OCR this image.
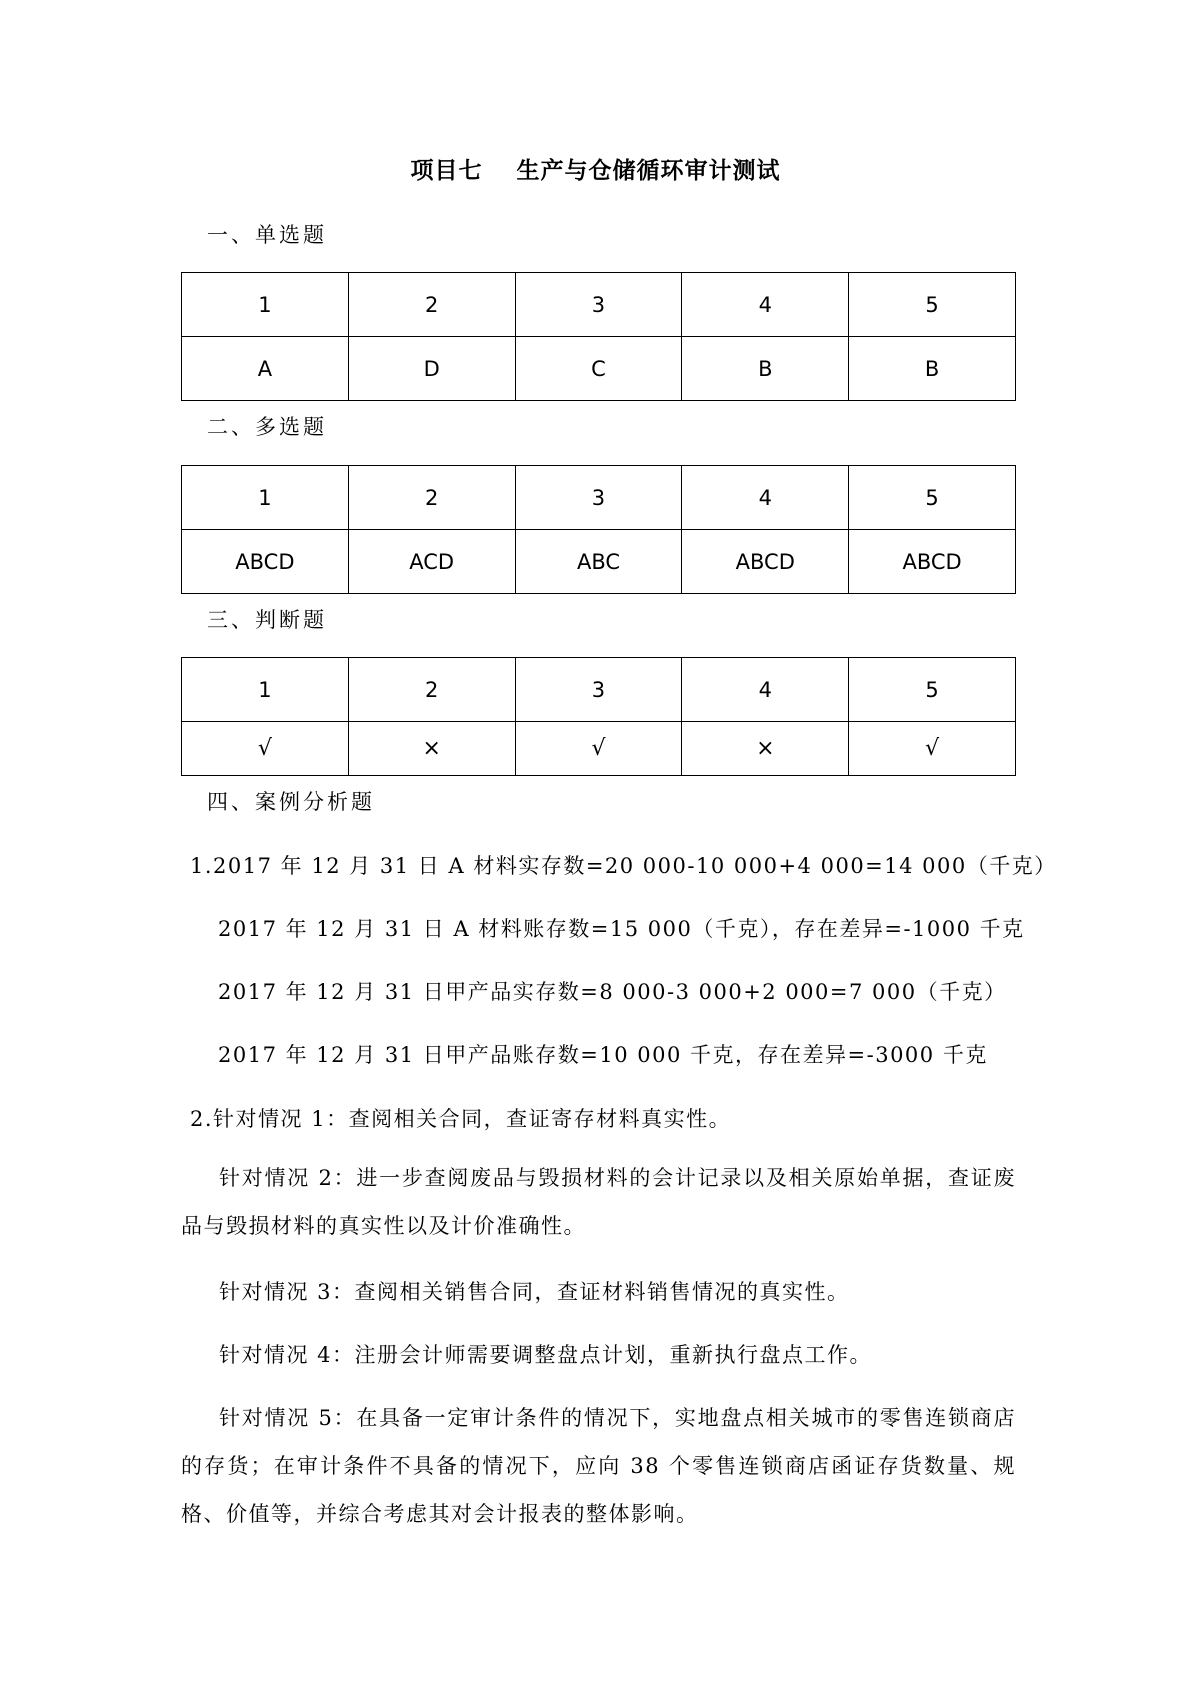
项目七 生产与仓储循环审计测试
一、单选题
1	2	3	4	5
A	D	C	B	B
二、多选题
1	2	3	4	5
ABCD	ACD	ABC	ABCD	ABCD
三、判断题
1	2	3	4	5
√	×	√	×	√
四、案例分析题
1.2017 年 12 月 31 日 A 材料实存数=20 000-10 000+4 000=14 000（千克）
2017 年 12 月 31 日 A 材料账存数=15 000（千克），存在差异=-1000 千克
2017 年 12 月 31 日甲产品实存数=8 000-3 000+2 000=7 000（千克）
2017 年 12 月 31 日甲产品账存数=10 000 千克，存在差异=-3000 千克
2.针对情况 1：查阅相关合同，查证寄存材料真实性。
针对情况 2：进一步查阅废品与毁损材料的会计记录以及相关原始单据，查证废品与毁损材料的真实性以及计价准确性。
针对情况 3：查阅相关销售合同，查证材料销售情况的真实性。
针对情况 4：注册会计师需要调整盘点计划，重新执行盘点工作。
针对情况 5：在具备一定审计条件的情况下，实地盘点相关城市的零售连锁商店的存货；在审计条件不具备的情况下，应向 38 个零售连锁商店函证存货数量、规格、价值等，并综合考虑其对会计报表的整体影响。
